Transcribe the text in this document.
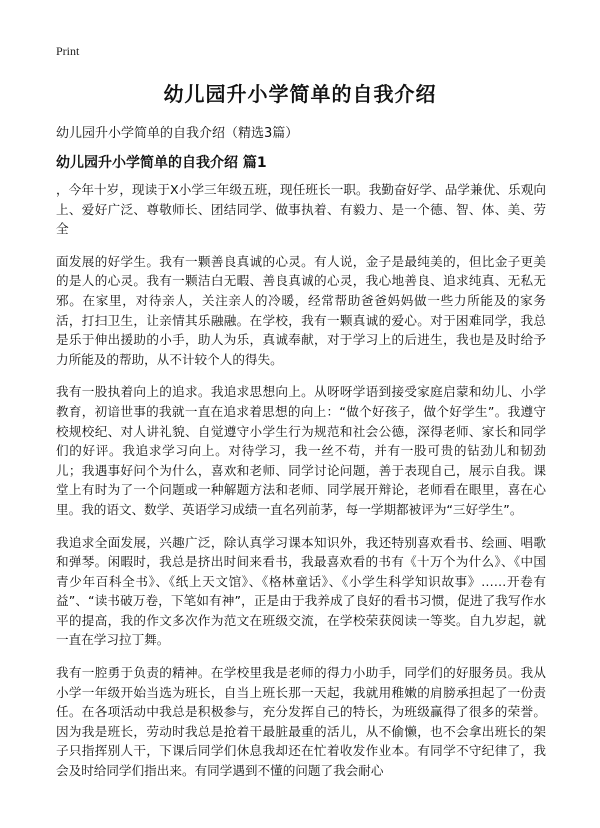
Print
幼儿园升小学简单的自我介绍
幼儿园升小学简单的自我介绍（精选3篇）
幼儿园升小学简单的自我介绍 篇1

，今年十岁，现读于X小学三年级五班，现任班长一职。我勤奋好学、品学兼优、乐观向上、爱好广泛、尊敬师长、团结同学、做事执着、有毅力、是一个德、智、体、美、劳全

面发展的好学生。我有一颗善良真诚的心灵。有人说，金子是最纯美的，但比金子更美的是人的心灵。我有一颗洁白无暇、善良真诚的心灵，我心地善良、追求纯真、无私无邪。在家里，对待亲人，关注亲人的冷暖，经常帮助爸爸妈妈做一些力所能及的家务活，打扫卫生，让亲情其乐融融。在学校，我有一颗真诚的爱心。对于困难同学，我总是乐于伸出援助的小手，助人为乐，真诚奉献，对于学习上的后进生，我也是及时给予力所能及的帮助，从不计较个人的得失。

我有一股执着向上的追求。我追求思想向上。从呀呀学语到接受家庭启蒙和幼儿、小学教育，初谙世事的我就一直在追求着思想的向上：“做个好孩子，做个好学生”。我遵守校规校纪、对人讲礼貌、自觉遵守小学生行为规范和社会公德，深得老师、家长和同学们的好评。我追求学习向上。对待学习，我一丝不苟，并有一股可贵的钻劲儿和韧劲儿；我遇事好问个为什么，喜欢和老师、同学讨论问题，善于表现自己，展示自我。课堂上有时为了一个问题或一种解题方法和老师、同学展开辩论，老师看在眼里，喜在心里。我的语文、数学、英语学习成绩一直名列前茅，每一学期都被评为“三好学生”。

我追求全面发展，兴趣广泛，除认真学习课本知识外，我还特别喜欢看书、绘画、唱歌和弹琴。闲暇时，我总是挤出时间来看书，我最喜欢看的书有《十万个为什么》、《中国青少年百科全书》、《纸上天文馆》、《格林童话》、《小学生科学知识故事》……开卷有益”、“读书破万卷，下笔如有神”，正是由于我养成了良好的看书习惯，促进了我写作水平的提高，我的作文多次作为范文在班级交流，在学校荣获阅读一等奖。自九岁起，就一直在学习拉丁舞。

我有一腔勇于负责的精神。在学校里我是老师的得力小助手，同学们的好服务员。我从小学一年级开始当选为班长，自当上班长那一天起，我就用稚嫩的肩膀承担起了一份责任。在各项活动中我总是积极参与，充分发挥自己的特长，为班级赢得了很多的荣誉。因为我是班长，劳动时我总是抢着干最脏最重的活儿，从不偷懒，也不会拿出班长的架子只指挥别人干，下课后同学们休息我却还在忙着收发作业本。有同学不守纪律了，我会及时给同学们指出来。有同学遇到不懂的问题了我会耐心
